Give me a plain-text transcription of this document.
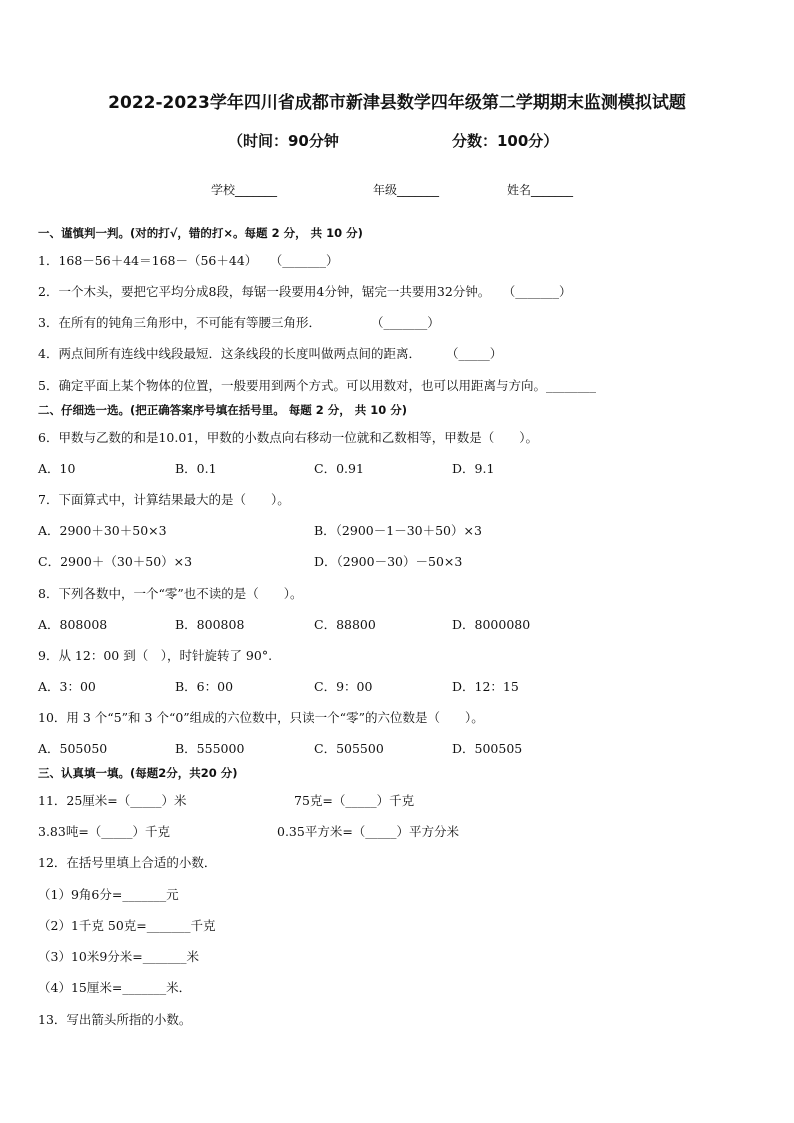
2022-2023学年四川省成都市新津县数学四年级第二学期期末监测模拟试题
（时间：90分钟	分数：100分）
学校_______	年级_______	姓名_______
一、谨慎判一判。(对的打√，错的打×。每题 2 分， 共 10 分)
1．168－56＋44＝168－（56＋44）　　（_______）
2．一个木头，要把它平均分成8段，每锯一段要用4分钟，锯完一共要用32分钟。　　（_______）
3．在所有的钝角三角形中，不可能有等腰三角形．　　　　　（_______）
4．两点间所有连线中线段最短．这条线段的长度叫做两点间的距离．　　　（_____）
5．确定平面上某个物体的位置，一般要用到两个方式。可以用数对，也可以用距离与方向。________
二、仔细选一选。(把正确答案序号填在括号里。 每题 2 分， 共 10 分)
6．甲数与乙数的和是10.01，甲数的小数点向右移动一位就和乙数相等，甲数是（　　）。
A．10	B．0.1	C．0.91	D．9.1
7．下面算式中，计算结果最大的是（　　）。
A．2900＋30＋50×3	B．（2900－1－30＋50）×3
C．2900＋（30＋50）×3	D．（2900－30）－50×3
8．下列各数中，一个“零”也不读的是（　　）。
A．808008	B．800808	C．88800	D．8000080
9．从 12：00 到（　），时针旋转了 90°.
A．3：00	B．6：00	C．9：00	D．12：15
10．用 3 个“5”和 3 个“0”组成的六位数中，只读一个“零”的六位数是（　　）。
A．505050	B．555000	C．505500	D．500505
三、认真填一填。(每题2分，共20 分)
11．25厘米=（_____）米	75克=（_____）千克
3.83吨=（_____）千克	0.35平方米=（_____）平方分米
12．在括号里填上合适的小数．
（1）9角6分=_______元
（2）1千克 50克=_______千克
（3）10米9分米=_______米
（4）15厘米=_______米．
13．写出箭头所指的小数。
